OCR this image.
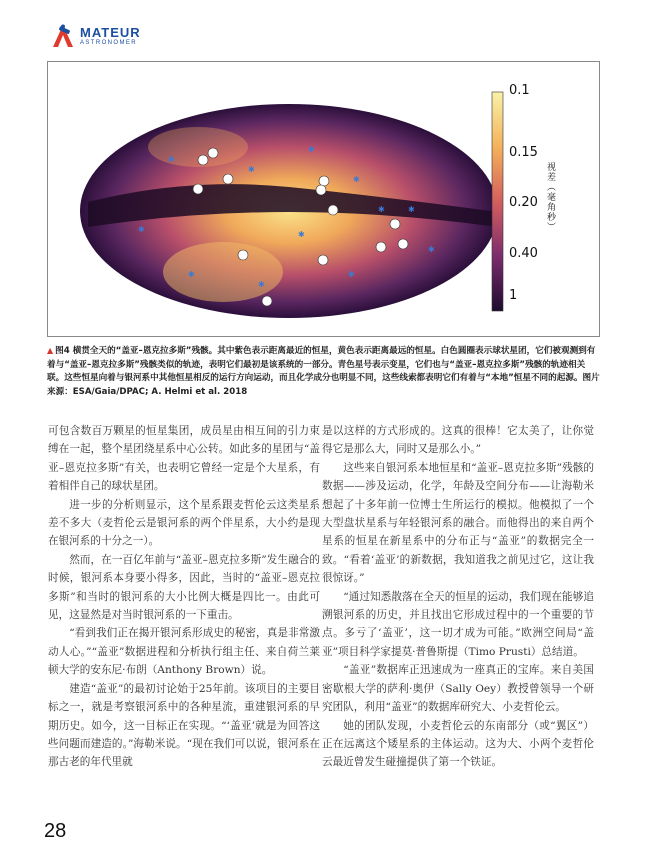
MATEUR
ASTRONOMER
✱
✱
✱
✱	✱
✱
✱
✱
✱
✱
✱
✱
0.1
0.15
0.20
0.40
1
视差（毫角秒）
▲ 图4 横贯全天的“盖亚–恩克拉多斯”残骸。其中紫色表示距离最近的恒星，黄色表示距离最远的恒星。白色圆圈表示球状星团，它们被观测到有着与“盖亚–恩克拉多斯”残骸类似的轨迹，表明它们最初是该系统的一部分。青色星号表示变星，它们也与“盖亚–恩克拉多斯”残骸的轨迹相关联。这些恒星向着与银河系中其他恒星相反的运行方向运动，而且化学成分也明显不同，这些线索都表明它们有着与“本地”恒星不同的起源。图片来源：ESA/Gaia/DPAC; A. Helmi et al. 2018

可包含数百万颗星的恒星集团，成员星由相互间的引力束缚在一起，整个星团绕星系中心公转。如此多的星团与“盖亚–恩克拉多斯”有关，也表明它曾经一定是个大星系，有着相伴自己的球状星团。

进一步的分析则显示，这个星系跟麦哲伦云这类星系差不多大（麦哲伦云是银河系的两个伴星系，大小约是现在银河系的十分之一）。

然而，在一百亿年前与“盖亚–恩克拉多斯”发生融合的时候，银河系本身要小得多，因此，当时的“盖亚–恩克拉多斯”和当时的银河系的大小比例大概是四比一。由此可见，这显然是对当时银河系的一下重击。

“看到我们正在揭开银河系形成史的秘密，真是非常激动人心。”“盖亚”数据进程和分析执行组主任、来自荷兰莱顿大学的安东尼·布朗（Anthony Brown）说。

建造“盖亚”的最初讨论始于25年前。该项目的主要目标之一，就是考察银河系中的各种星流，重建银河系的早期历史。如今，这一目标正在实现。“‘盖亚’就是为回答这些问题而建造的。”海勒米说。“现在我们可以说，银河系在那古老的年代里就

是以这样的方式形成的。这真的很棒！它太美了，让你觉得它是那么大，同时又是那么小。”

这些来自银河系本地恒星和“盖亚–恩克拉多斯”残骸的数据——涉及运动，化学，年龄及空间分布——让海勒米想起了十多年前一位博士生所运行的模拟。他模拟了一个大型盘状星系与年轻银河系的融合。而他得出的来自两个星系的恒星在新星系中的分布正与“盖亚”的数据完全一致。“看着‘盖亚’的新数据，我知道我之前见过它，这让我很惊讶。”

“通过知悉散落在全天的恒星的运动，我们现在能够追溯银河系的历史，并且找出它形成过程中的一个重要的节点。多亏了‘盖亚’，这一切才成为可能。”欧洲空间局“盖亚”项目科学家提莫·普鲁斯提（Timo Prusti）总结道。

“盖亚”数据库正迅速成为一座真正的宝库。来自美国密歇根大学的萨利·奥伊（Sally Oey）教授曾领导一个研究团队，利用“盖亚”的数据库研究大、小麦哲伦云。

她的团队发现，小麦哲伦云的东南部分（或“翼区”）正在远离这个矮星系的主体运动。这为大、小两个麦哲伦云最近曾发生碰撞提供了第一个铁证。

28
